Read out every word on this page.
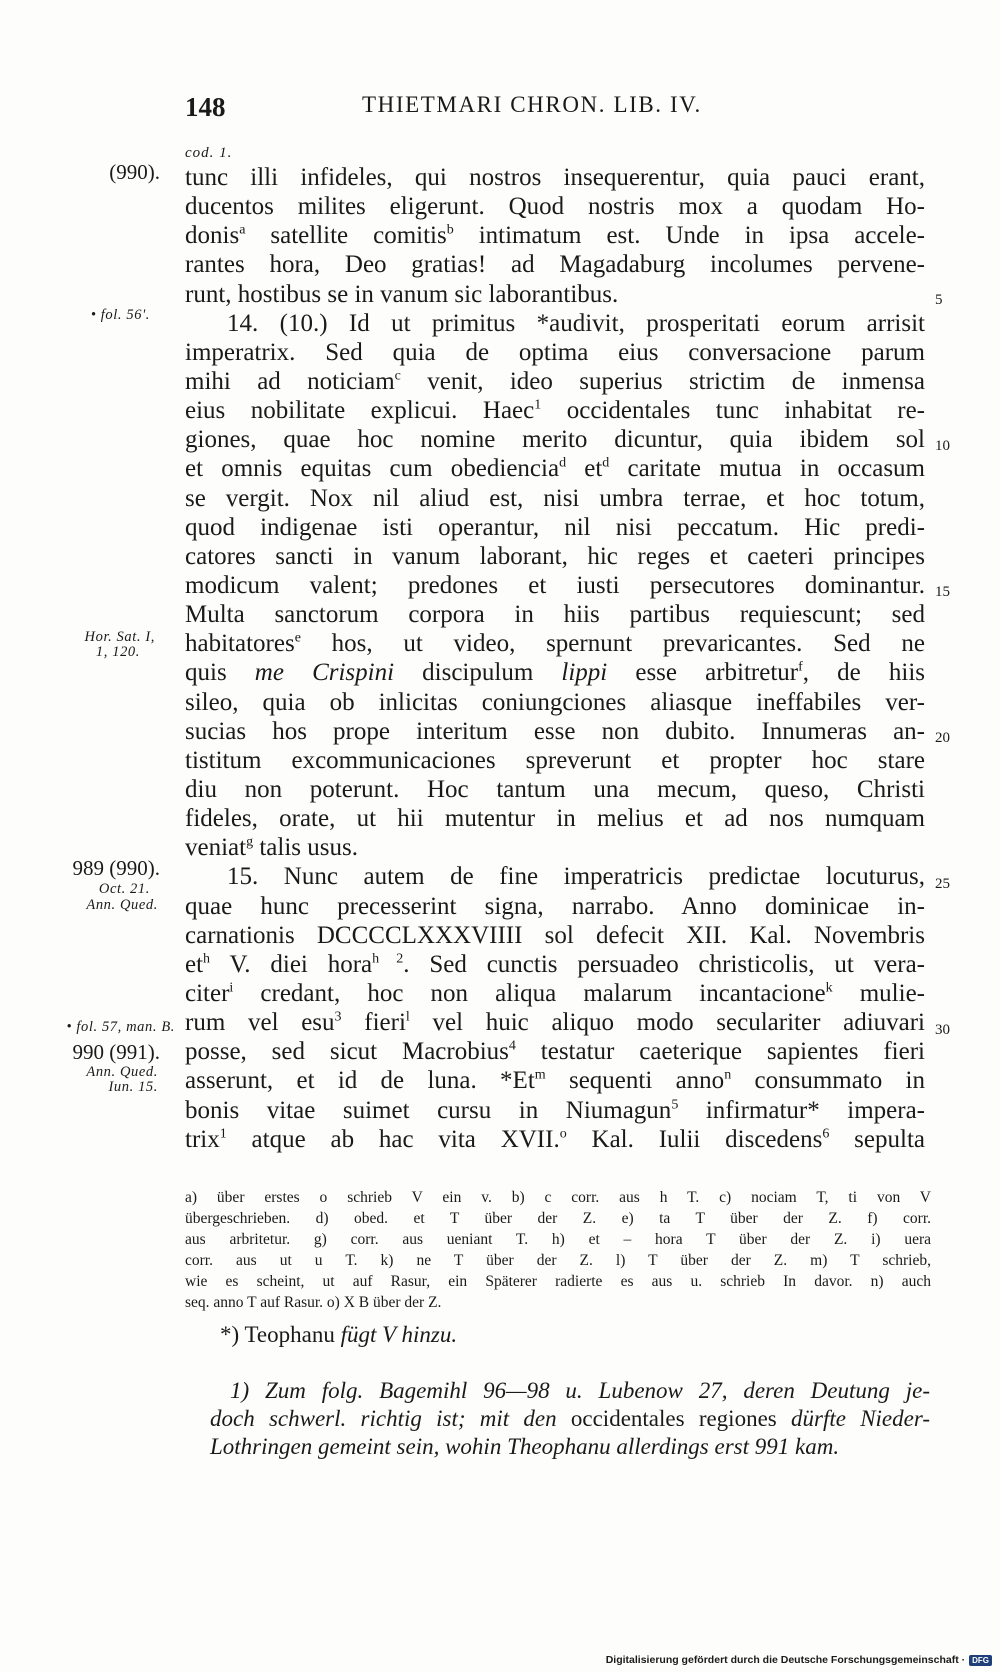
148	THIETMARI CHRON. LIB. IV.
cod. 1.
(990).
• fol. 56'.
Hor. Sat. I,
1, 120.
989 (990).
Oct. 21.
Ann. Qued.
• fol. 57, man. B.
990 (991).
Ann. Qued.
Iun. 15.
5
10
15
20
25
30
tunc illi infideles, qui nostros insequerentur, quia pauci erant,
ducentos milites eligerunt. Quod nostris mox a quodam Ho-
donis$^a$ satellite comitis$^b$ intimatum est. Unde in ipsa accele-
rantes hora, Deo gratias! ad Magadaburg incolumes pervene-
runt, hostibus se in vanum sic laborantibus.
14. (10.) Id ut primitus *audivit, prosperitati eorum arrisit
imperatrix. Sed quia de optima eius conversacione parum
mihi ad noticiam$^c$ venit, ideo superius strictim de inmensa
eius nobilitate explicui. Haec$^1$ occidentales tunc inhabitat re-
giones, quae hoc nomine merito dicuntur, quia ibidem sol
et omnis equitas cum obediencia$^d$ $et^d$ caritate mutua in occasum
se vergit. Nox nil aliud est, nisi umbra terrae, et hoc totum,
quod indigenae isti operantur, nil nisi peccatum. Hic predi-
catores sancti in vanum laborant, hic reges et caeteri principes
modicum valent; predones et iusti persecutores dominantur.
Multa sanctorum corpora in hiis partibus requiescunt; sed
habitatores$^e$ hos, ut video, spernunt prevaricantes. Sed ne
quis me Crispini discipulum lippi esse arbitretur$^f$, de hiis
sileo, quia ob inlicitas coniungciones aliasque ineffabiles ver-
sucias hos prope interitum esse non dubito. Innumeras an-
tistitum excommunicaciones spreverunt et propter hoc stare
diu non poterunt. Hoc tantum una mecum, queso, Christi
fideles, orate, ut hii mutentur in melius et ad nos numquam
veniat$^g$ talis usus.
15. Nunc autem de fine imperatricis predictae locuturus,
quae hunc precesserint signa, narrabo. Anno dominicae in-
carnationis DCCCCLXXXVIIII sol defecit XII. Kal. Novembris
$et^h$ V. diei hora$^{h 2}$. Sed cunctis persuadeo christicolis, ut vera-
citer$^i$ credant, hoc non aliqua malarum incantacione$^k$ mulie-
rum vel esu$^3$ fieri$^l$ vel huic aliquo modo seculariter adiuvari
posse, sed sicut Macrobius$^4$ testatur caeterique sapientes fieri
asserunt, et id de luna. *Et$^m$ sequenti anno$^n$ consummato in
bonis vitae suimet cursu in Niumagun$^5$ infirmatur* impera-
trix$^1$ atque ab hac vita XVII.$^o$ Kal. Iulii discedens$^6$ sepulta
a) über erstes o schrieb V ein v. b) c corr. aus h T. c) nociam T, ti von V
übergeschrieben. d) obed. et T über der Z. e) ta T über der Z. f) corr.
aus arbritetur. g) corr. aus ueniant T. h) et – hora T über der Z. i) uera
corr. aus ut u T. k) ne T über der Z. l) T über der Z. m) T schrieb,
wie es scheint, ut auf Rasur, ein Späterer radierte es aus u. schrieb In davor. n) auch
seq. anno T auf Rasur. o) X B über der Z.
*) Teophanu fügt V hinzu.
1) Zum folg. Bagemihl 96—98 u. Lubenow 27, deren Deutung je-
doch schwerl. richtig ist; mit den occidentales regiones dürfte Nieder-
Lothringen gemeint sein, wohin Theophanu allerdings erst 991 kam.
Digitalisierung gefördert durch die Deutsche Forschungsgemeinschaft · DFG
